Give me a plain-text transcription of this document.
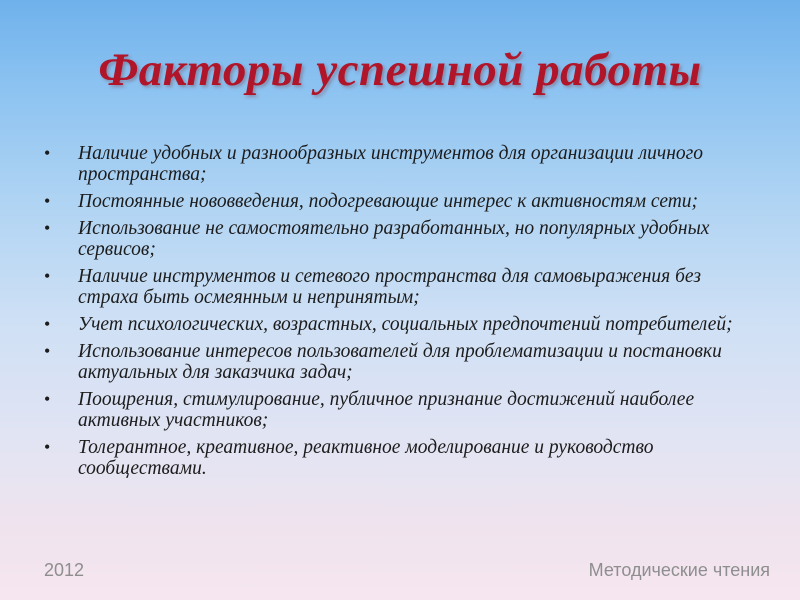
Факторы успешной работы
• Наличие удобных и разнообразных инструментов для организации личного пространства;
• Постоянные нововведения, подогревающие интерес к активностям сети;
• Использование не самостоятельно разработанных, но популярных удобных сервисов;
• Наличие инструментов и сетевого пространства для самовыражения без страха быть осмеянным и непринятым;
• Учет психологических, возрастных, социальных предпочтений потребителей;
• Использование интересов пользователей для проблематизации и постановки актуальных для заказчика задач;
• Поощрения, стимулирование, публичное признание достижений наиболее активных участников;
• Толерантное, креативное, реактивное моделирование и руководство сообществами.
2012	Методические чтения
